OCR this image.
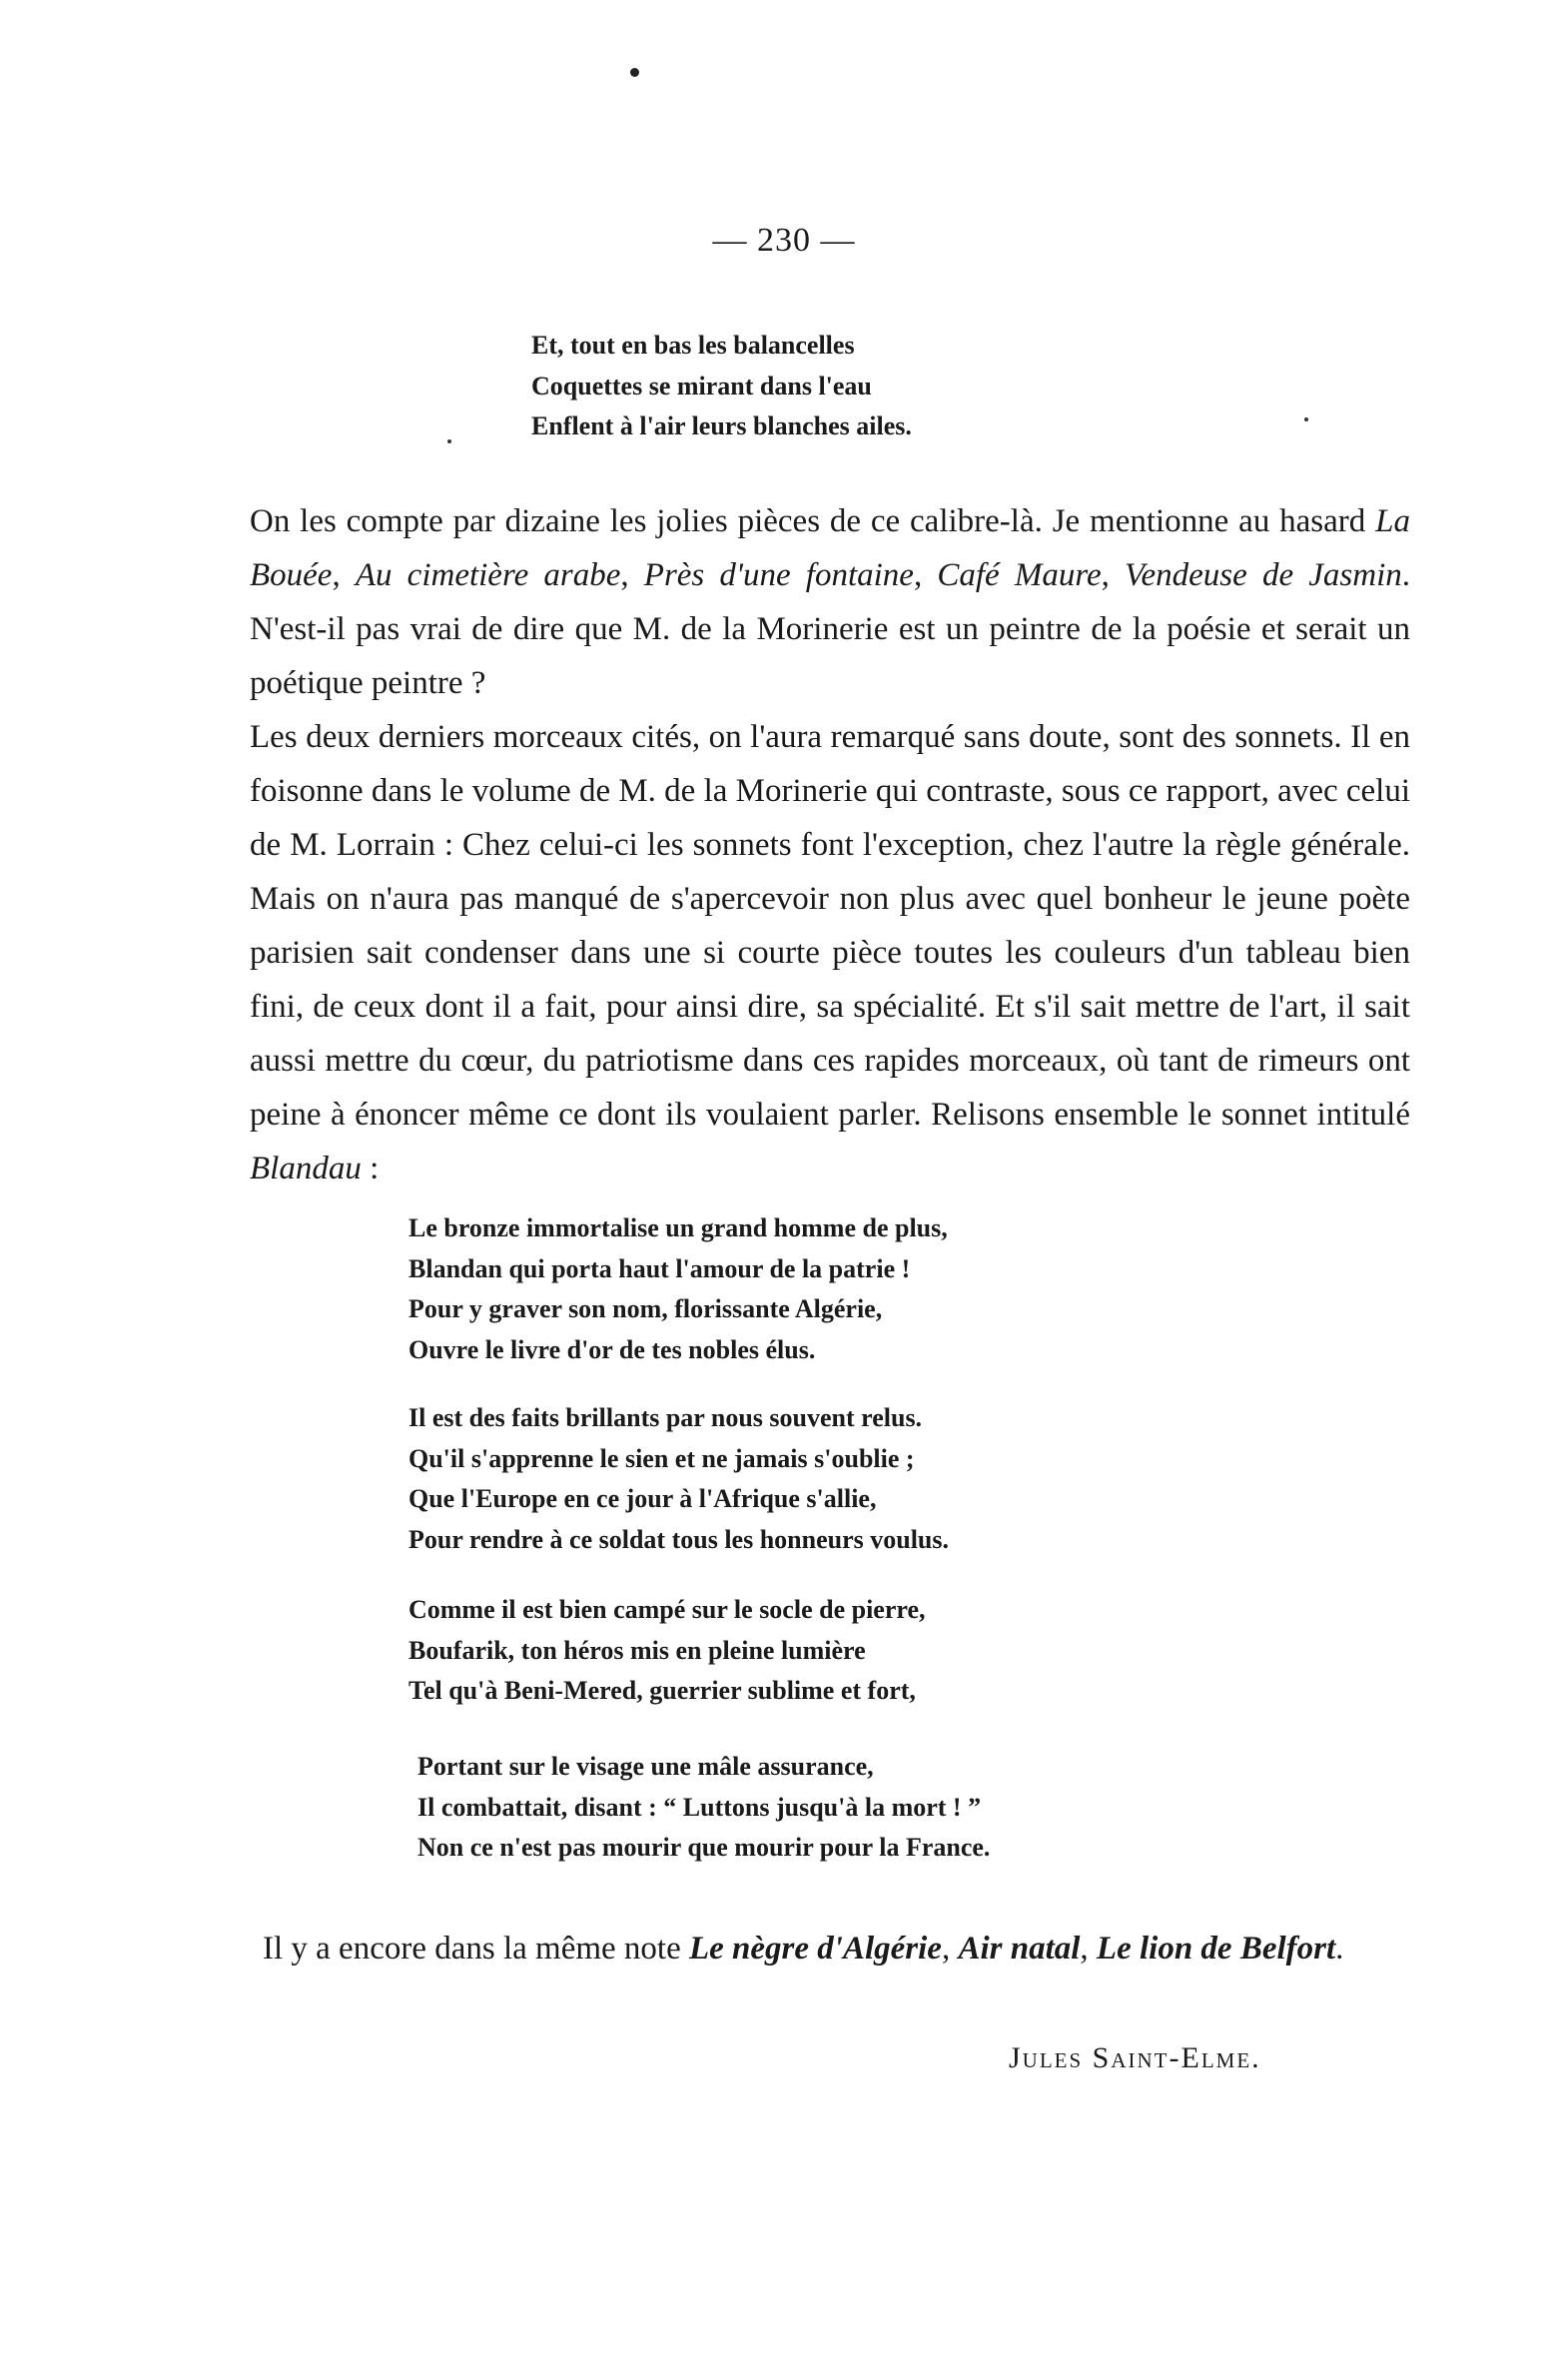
— 230 —
Et, tout en bas les balancelles
Coquettes se mirant dans l'eau
Enflent à l'air leurs blanches ailes.

On les compte par dizaine les jolies pièces de ce calibre-là. Je mentionne au hasard La Bouée, Au cimetière arabe, Près d'une fontaine, Café Maure, Vendeuse de Jasmin. N'est-il pas vrai de dire que M. de la Morinerie est un peintre de la poésie et serait un poétique peintre ?

Les deux derniers morceaux cités, on l'aura remarqué sans doute, sont des sonnets. Il en foisonne dans le volume de M. de la Morinerie qui contraste, sous ce rapport, avec celui de M. Lorrain : Chez celui-ci les sonnets font l'exception, chez l'autre la règle générale. Mais on n'aura pas manqué de s'apercevoir non plus avec quel bonheur le jeune poète parisien sait condenser dans une si courte pièce toutes les couleurs d'un tableau bien fini, de ceux dont il a fait, pour ainsi dire, sa spécialité. Et s'il sait mettre de l'art, il sait aussi mettre du cœur, du patriotisme dans ces rapides morceaux, où tant de rimeurs ont peine à énoncer même ce dont ils voulaient parler. Relisons ensemble le sonnet intitulé Blandau :

Le bronze immortalise un grand homme de plus,
Blandan qui porta haut l'amour de la patrie !
Pour y graver son nom, florissante Algérie,
Ouvre le livre d'or de tes nobles élus.
Il est des faits brillants par nous souvent relus.
Qu'il s'apprenne le sien et ne jamais s'oublie ;
Que l'Europe en ce jour à l'Afrique s'allie,
Pour rendre à ce soldat tous les honneurs voulus.
Comme il est bien campé sur le socle de pierre,
Boufarik, ton héros mis en pleine lumière
Tel qu'à Beni-Mered, guerrier sublime et fort,
Portant sur le visage une mâle assurance,
Il combattait, disant : “ Luttons jusqu'à la mort ! ”
Non ce n'est pas mourir que mourir pour la France.

Il y a encore dans la même note Le nègre d'Algérie, Air natal, Le lion de Belfort.

Jules Saint-Elme.
